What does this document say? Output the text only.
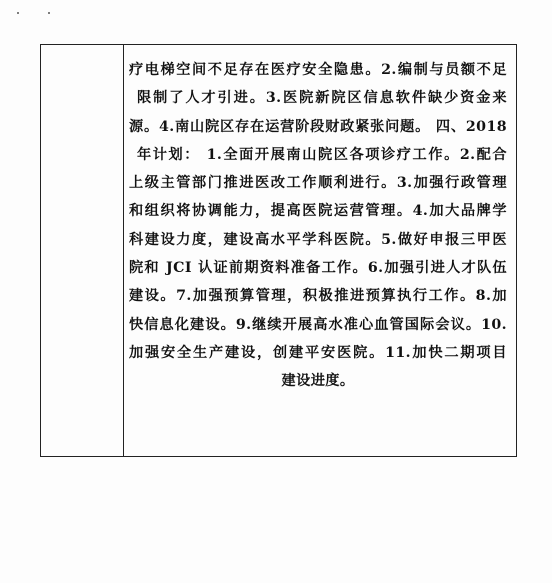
疗电梯空间不足存在医疗安全隐患。2.编制与员额不足
限制了人才引进。3.医院新院区信息软件缺少资金来
源。4.南山院区存在运营阶段财政紧张问题。 四、2018
年计划： 1.全面开展南山院区各项诊疗工作。2.配合
上级主管部门推进医改工作顺利进行。3.加强行政管理
和组织将协调能力，提高医院运营管理。4.加大品牌学
科建设力度，建设高水平学科医院。5.做好申报三甲医
院和 JCI 认证前期资料准备工作。6.加强引进人才队伍
建设。7.加强预算管理，积极推进预算执行工作。8.加
快信息化建设。9.继续开展高水准心血管国际会议。10.
加强安全生产建设，创建平安医院。11.加快二期项目
建设进度。
